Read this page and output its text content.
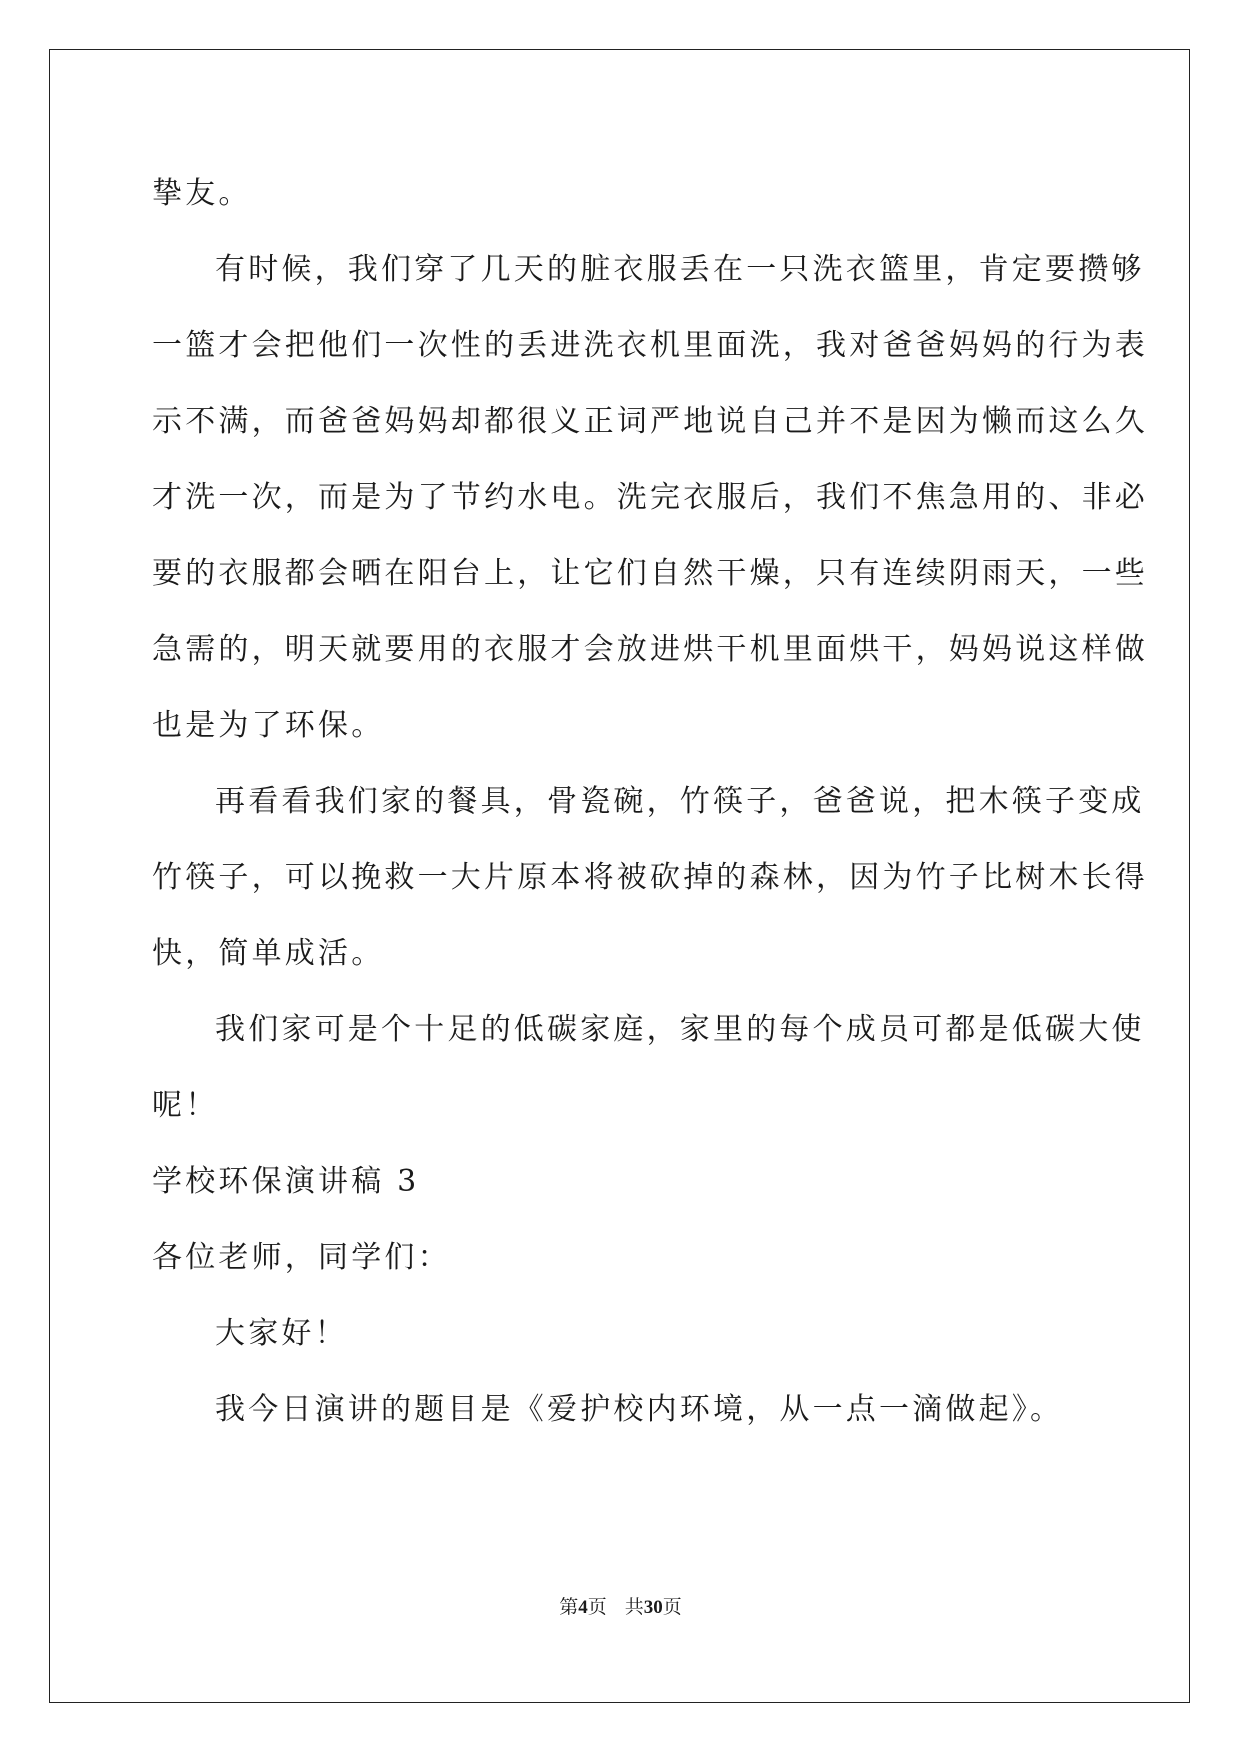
挚友。
有时候，我们穿了几天的脏衣服丢在一只洗衣篮里，肯定要攒够
一篮才会把他们一次性的丢进洗衣机里面洗，我对爸爸妈妈的行为表
示不满，而爸爸妈妈却都很义正词严地说自己并不是因为懒而这么久
才洗一次，而是为了节约水电。洗完衣服后，我们不焦急用的、非必
要的衣服都会晒在阳台上，让它们自然干燥，只有连续阴雨天，一些
急需的，明天就要用的衣服才会放进烘干机里面烘干，妈妈说这样做
也是为了环保。
再看看我们家的餐具，骨瓷碗，竹筷子，爸爸说，把木筷子变成
竹筷子，可以挽救一大片原本将被砍掉的森林，因为竹子比树木长得
快，简单成活。
我们家可是个十足的低碳家庭，家里的每个成员可都是低碳大使
呢！
学校环保演讲稿 3
各位老师，同学们：
大家好！
我今日演讲的题目是《爱护校内环境，从一点一滴做起》。
第4页 共30页
